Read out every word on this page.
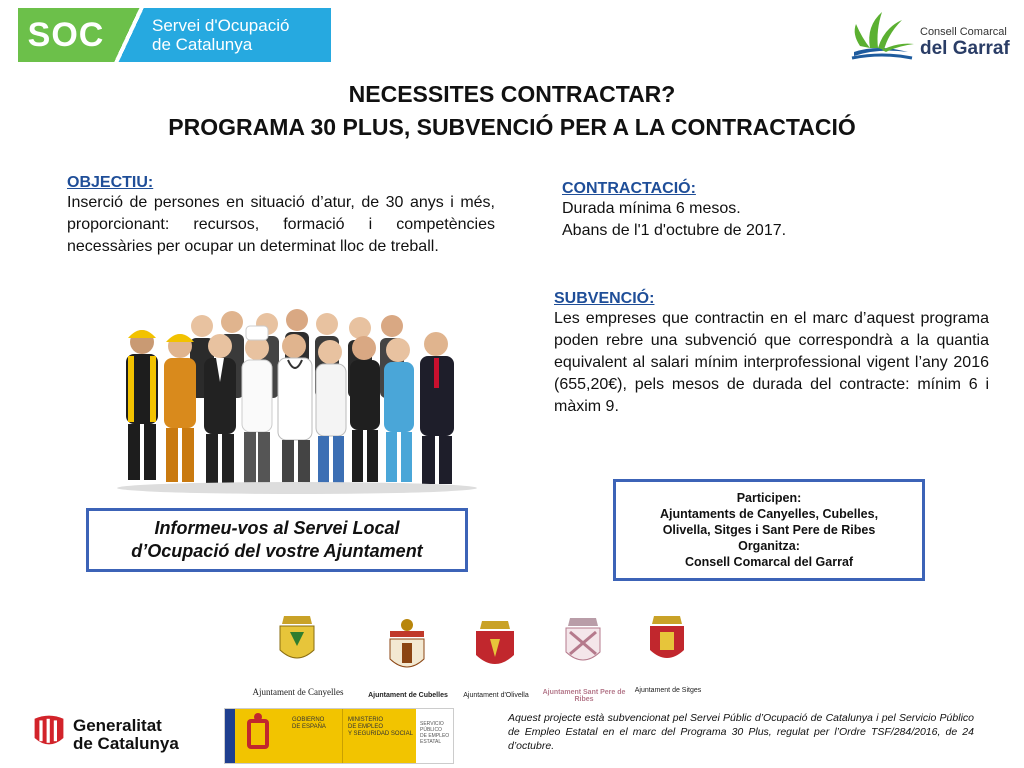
SOC	Servei d'Ocupació
de Catalunya
Consell Comarcal
del Garraf
NECESSITES CONTRACTAR?
PROGRAMA 30 PLUS, SUBVENCIÓ PER A LA CONTRACTACIÓ
OBJECTIU:
Inserció de persones en situació d’atur, de 30 anys i més, proporcionant: recursos, formació i competències necessàries per ocupar un determinat lloc de treball.
CONTRACTACIÓ:
Durada mínima 6 mesos.
Abans de l'1 d'octubre de 2017.
SUBVENCIÓ:
Les empreses que contractin en el marc d’aquest programa poden rebre una subvenció que correspondrà a la quantia equivalent al salari mínim interprofessional vigent l’any 2016 (655,20€), pels mesos de durada del contracte: mínim 6 i màxim 9.
Informeu-vos al Servei Local
d’Ocupació del vostre Ajuntament
Participen:
Ajuntaments de Canyelles, Cubelles,
Olivella, Sitges i Sant Pere de Ribes
Organitza:
Consell Comarcal del Garraf
Ajuntament de Canyelles	Ajuntament de Cubelles	Ajuntament d'Olivella	Ajuntament Sant Pere de Ribes
Ajuntament de Sitges
Generalitat
de Catalunya
GOBIERNO
DE ESPAÑA
MINISTERIO
DE EMPLEO
Y SEGURIDAD SOCIAL
SERVICIO PÚBLICO
DE EMPLEO ESTATAL
Aquest projecte està subvencionat pel Servei Públic d’Ocupació de Catalunya i pel Servicio Público de Empleo Estatal en el marc del Programa 30 Plus, regulat per l’Ordre TSF/284/2016, de 24 d’octubre.
